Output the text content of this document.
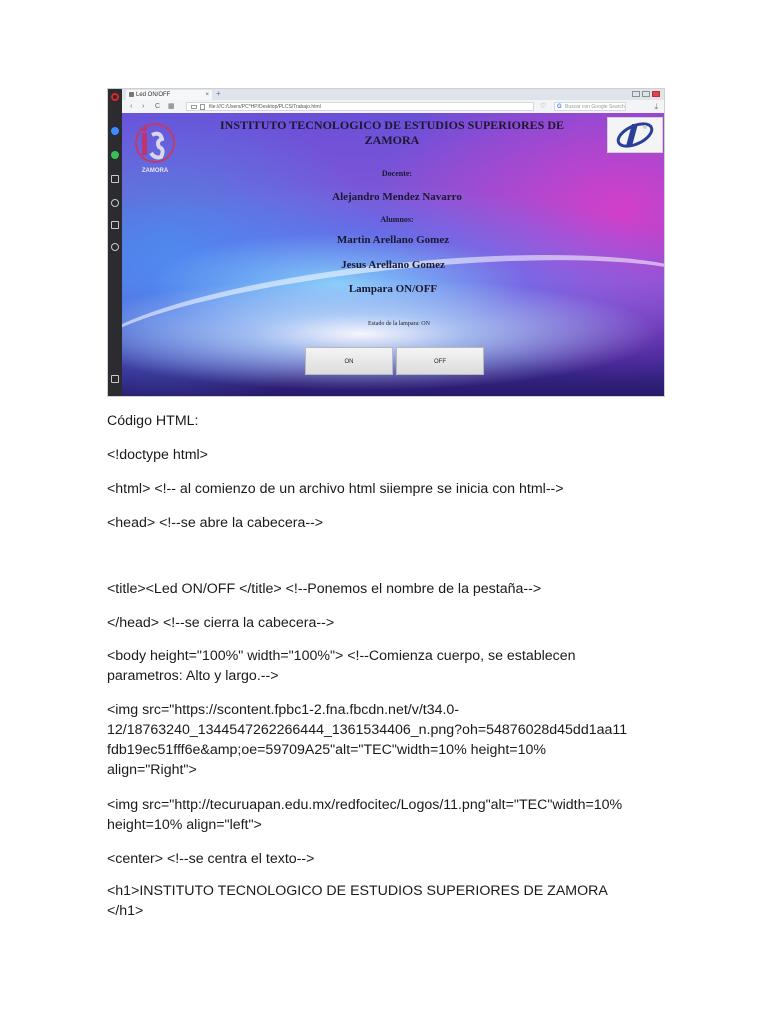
Led ON/OFF	× +
‹ › C ▦	file:///C:/Users/PC*HP/Desktop/PLCS/Trabajo.html	♡ G Buscar con Google Search	⤓
ZAMORA
INSTITUTO TECNOLOGICO DE ESTUDIOS SUPERIORES DE ZAMORA
Docente:
Alejandro Mendez Navarro
Alumnos:
Martin Arellano Gomez
Jesus Arellano Gomez
Lampara ON/OFF
Estado de la lampara: ON
ON	OFF
Código HTML:
<!doctype html>
<html> <!-- al comienzo de un archivo html siiempre se inicia con html-->
<head> <!--se abre la cabecera-->
<title><Led ON/OFF </title> <!--Ponemos el nombre de la pestaña-->
</head> <!--se cierra la cabecera-->
<body height="100%" width="100%"> <!--Comienza cuerpo, se establecen
parametros: Alto y largo.-->
<img src="https://scontent.fpbc1-2.fna.fbcdn.net/v/t34.0-
12/18763240_1344547262266444_1361534406_n.png?oh=54876028d45dd1aa11
fdb19ec51fff6e&amp;oe=59709A25"alt="TEC"width=10% height=10%
align="Right">
<img src="http://tecuruapan.edu.mx/redfocitec/Logos/11.png"alt="TEC"width=10%
height=10% align="left">
<center> <!--se centra el texto-->
<h1>INSTITUTO TECNOLOGICO DE ESTUDIOS SUPERIORES DE ZAMORA
</h1>
